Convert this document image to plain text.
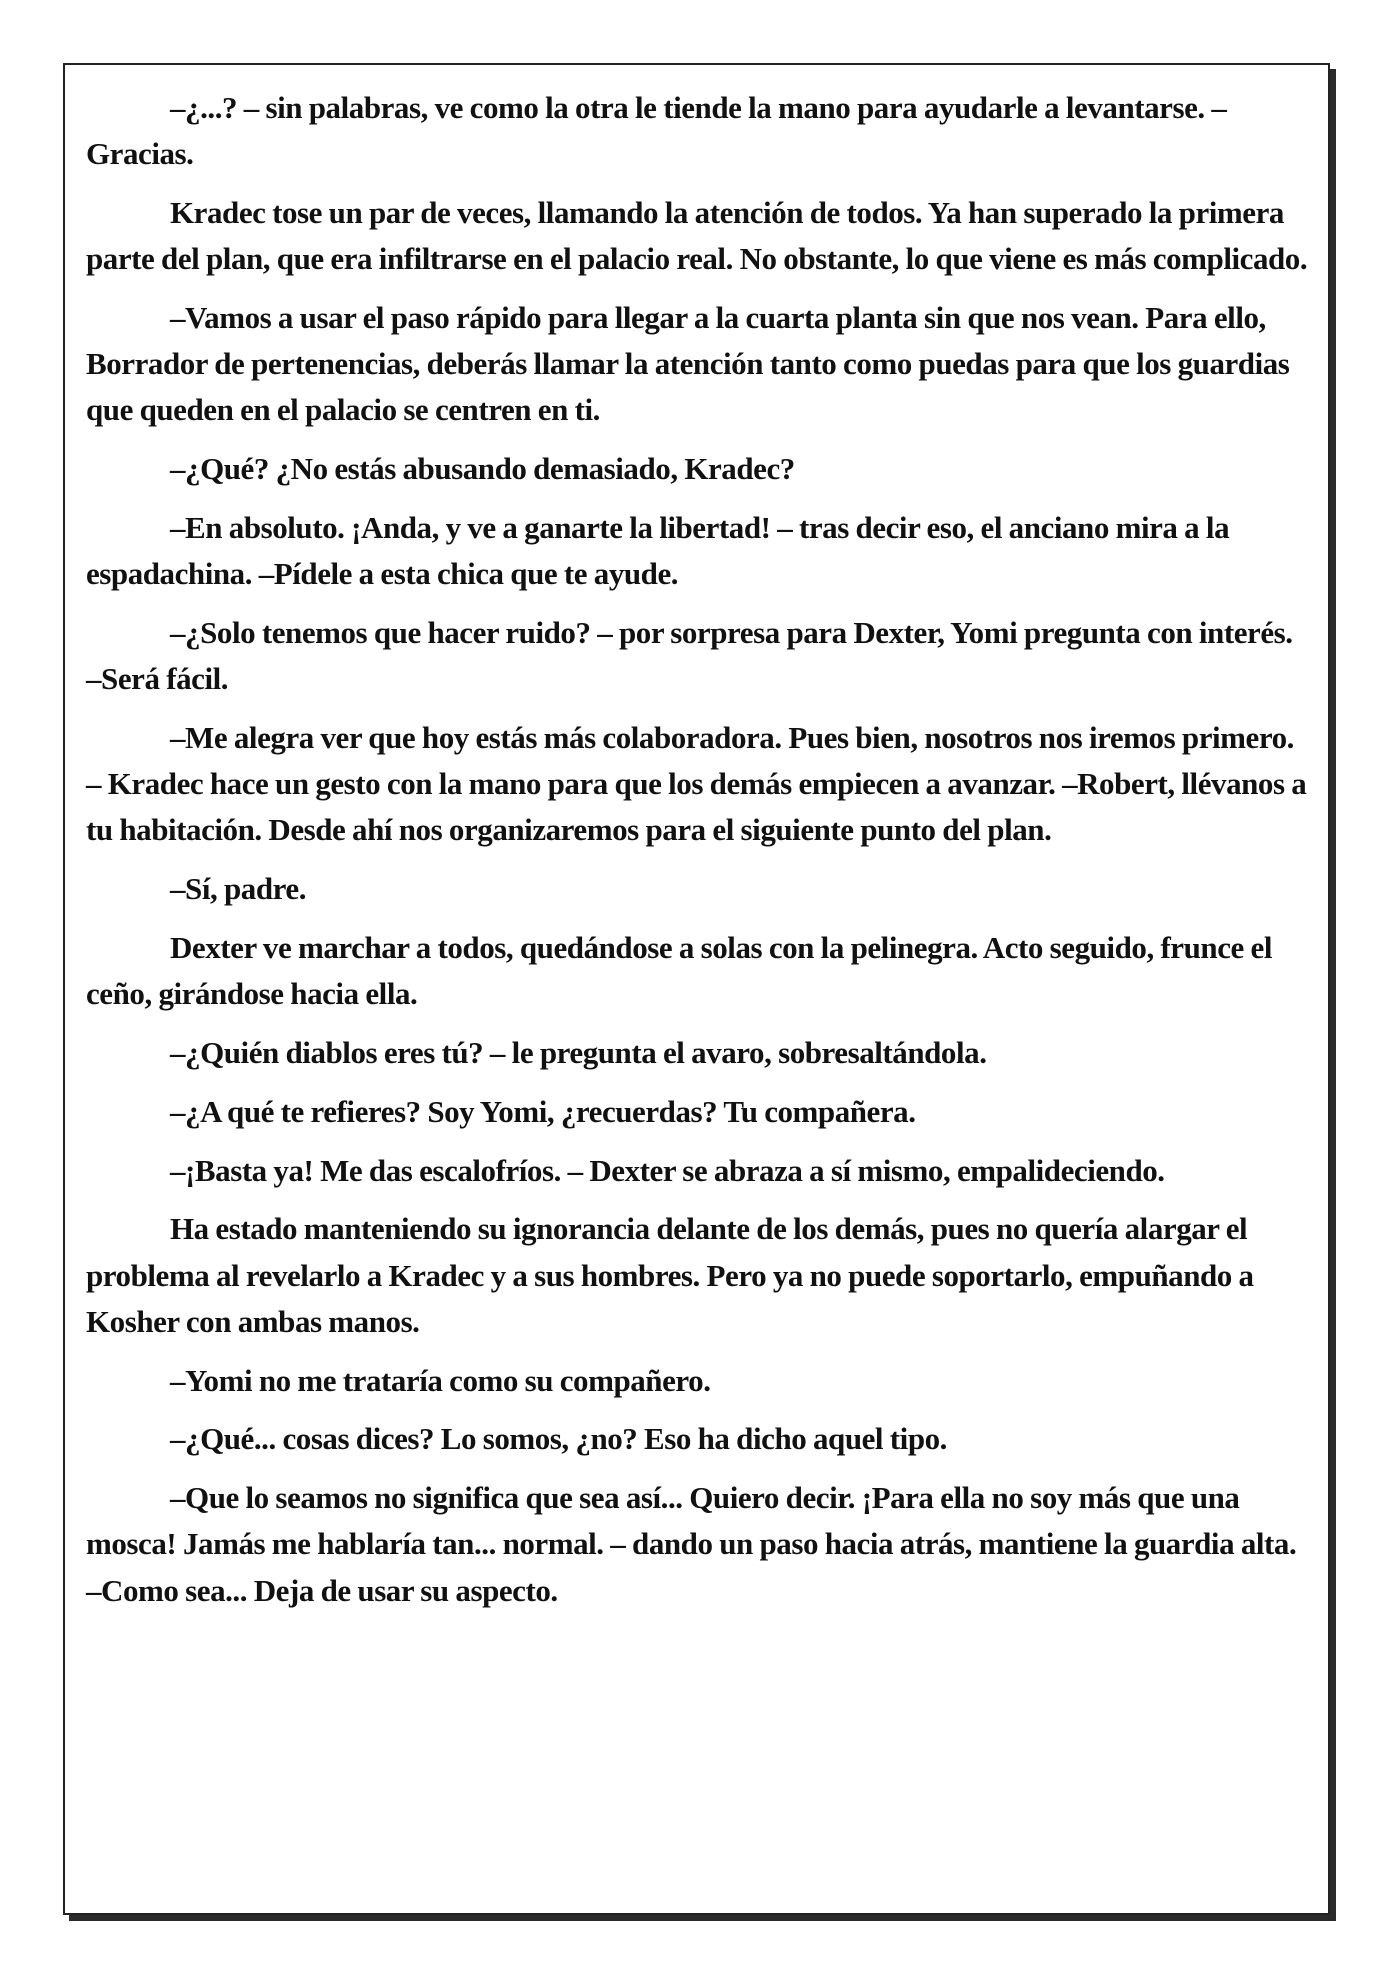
–¿...? – sin palabras, ve como la otra le tiende la mano para ayudarle a levantarse. –Gracias.

Kradec tose un par de veces, llamando la atención de todos. Ya han superado la primera parte del plan, que era infiltrarse en el palacio real. No obstante, lo que viene es más complicado.

–Vamos a usar el paso rápido para llegar a la cuarta planta sin que nos vean. Para ello, Borrador de pertenencias, deberás llamar la atención tanto como puedas para que los guardias que queden en el palacio se centren en ti.

–¿Qué? ¿No estás abusando demasiado, Kradec?

–En absoluto. ¡Anda, y ve a ganarte la libertad! – tras decir eso, el anciano mira a la espadachina. –Pídele a esta chica que te ayude.

–¿Solo tenemos que hacer ruido? – por sorpresa para Dexter, Yomi pregunta con interés. –Será fácil.

–Me alegra ver que hoy estás más colaboradora. Pues bien, nosotros nos iremos primero. – Kradec hace un gesto con la mano para que los demás empiecen a avanzar. –Robert, llévanos a tu habitación. Desde ahí nos organizaremos para el siguiente punto del plan.

–Sí, padre.

Dexter ve marchar a todos, quedándose a solas con la pelinegra. Acto seguido, frunce el ceño, girándose hacia ella.

–¿Quién diablos eres tú? – le pregunta el avaro, sobresaltándola.

–¿A qué te refieres? Soy Yomi, ¿recuerdas? Tu compañera.

–¡Basta ya! Me das escalofríos. – Dexter se abraza a sí mismo, empalideciendo.

Ha estado manteniendo su ignorancia delante de los demás, pues no quería alargar el problema al revelarlo a Kradec y a sus hombres. Pero ya no puede soportarlo, empuñando a Kosher con ambas manos.

–Yomi no me trataría como su compañero.

–¿Qué... cosas dices? Lo somos, ¿no? Eso ha dicho aquel tipo.

–Que lo seamos no significa que sea así... Quiero decir. ¡Para ella no soy más que una mosca! Jamás me hablaría tan... normal. – dando un paso hacia atrás, mantiene la guardia alta. –Como sea... Deja de usar su aspecto.
